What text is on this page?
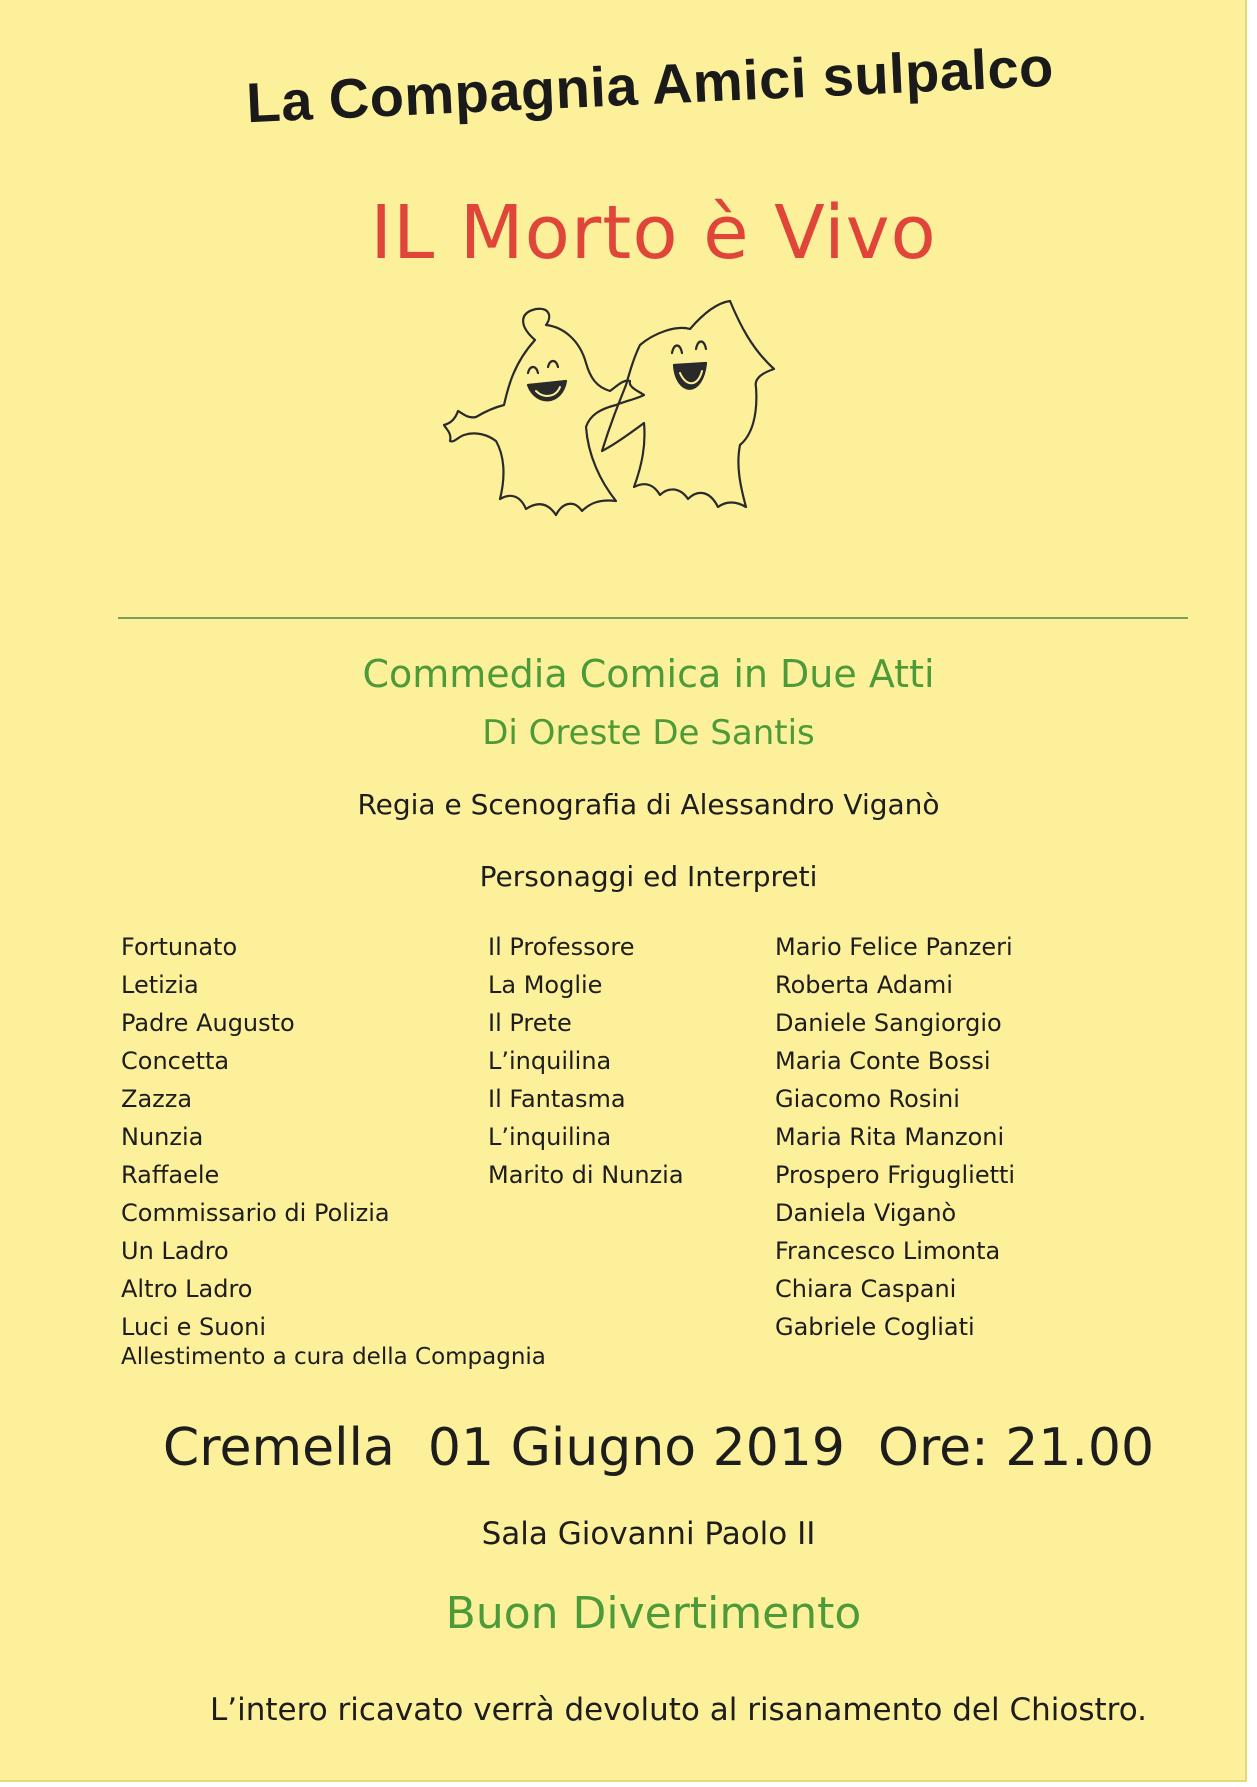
La Compagnia Amici sulpalco
IL Morto è Vivo
Commedia Comica in Due Atti
Di Oreste De Santis
Regia e Scenografia di Alessandro Viganò
Personaggi ed Interpreti
Fortunato
Letizia
Padre Augusto
Concetta
Zazza
Nunzia
Raffaele
Commissario di Polizia
Un Ladro
Altro Ladro
Luci e Suoni
Il Professore
La Moglie
Il Prete
L’inquilina
Il Fantasma
L’inquilina
Marito di Nunzia
Mario Felice Panzeri
Roberta Adami
Daniele Sangiorgio
Maria Conte Bossi
Giacomo Rosini
Maria Rita Manzoni
Prospero Friguglietti
Daniela Viganò
Francesco Limonta
Chiara Caspani
Gabriele Cogliati
Allestimento a cura della Compagnia
Cremella  01 Giugno 2019  Ore: 21.00
Sala Giovanni Paolo II
Buon Divertimento
L’intero ricavato verrà devoluto al risanamento del Chiostro.
